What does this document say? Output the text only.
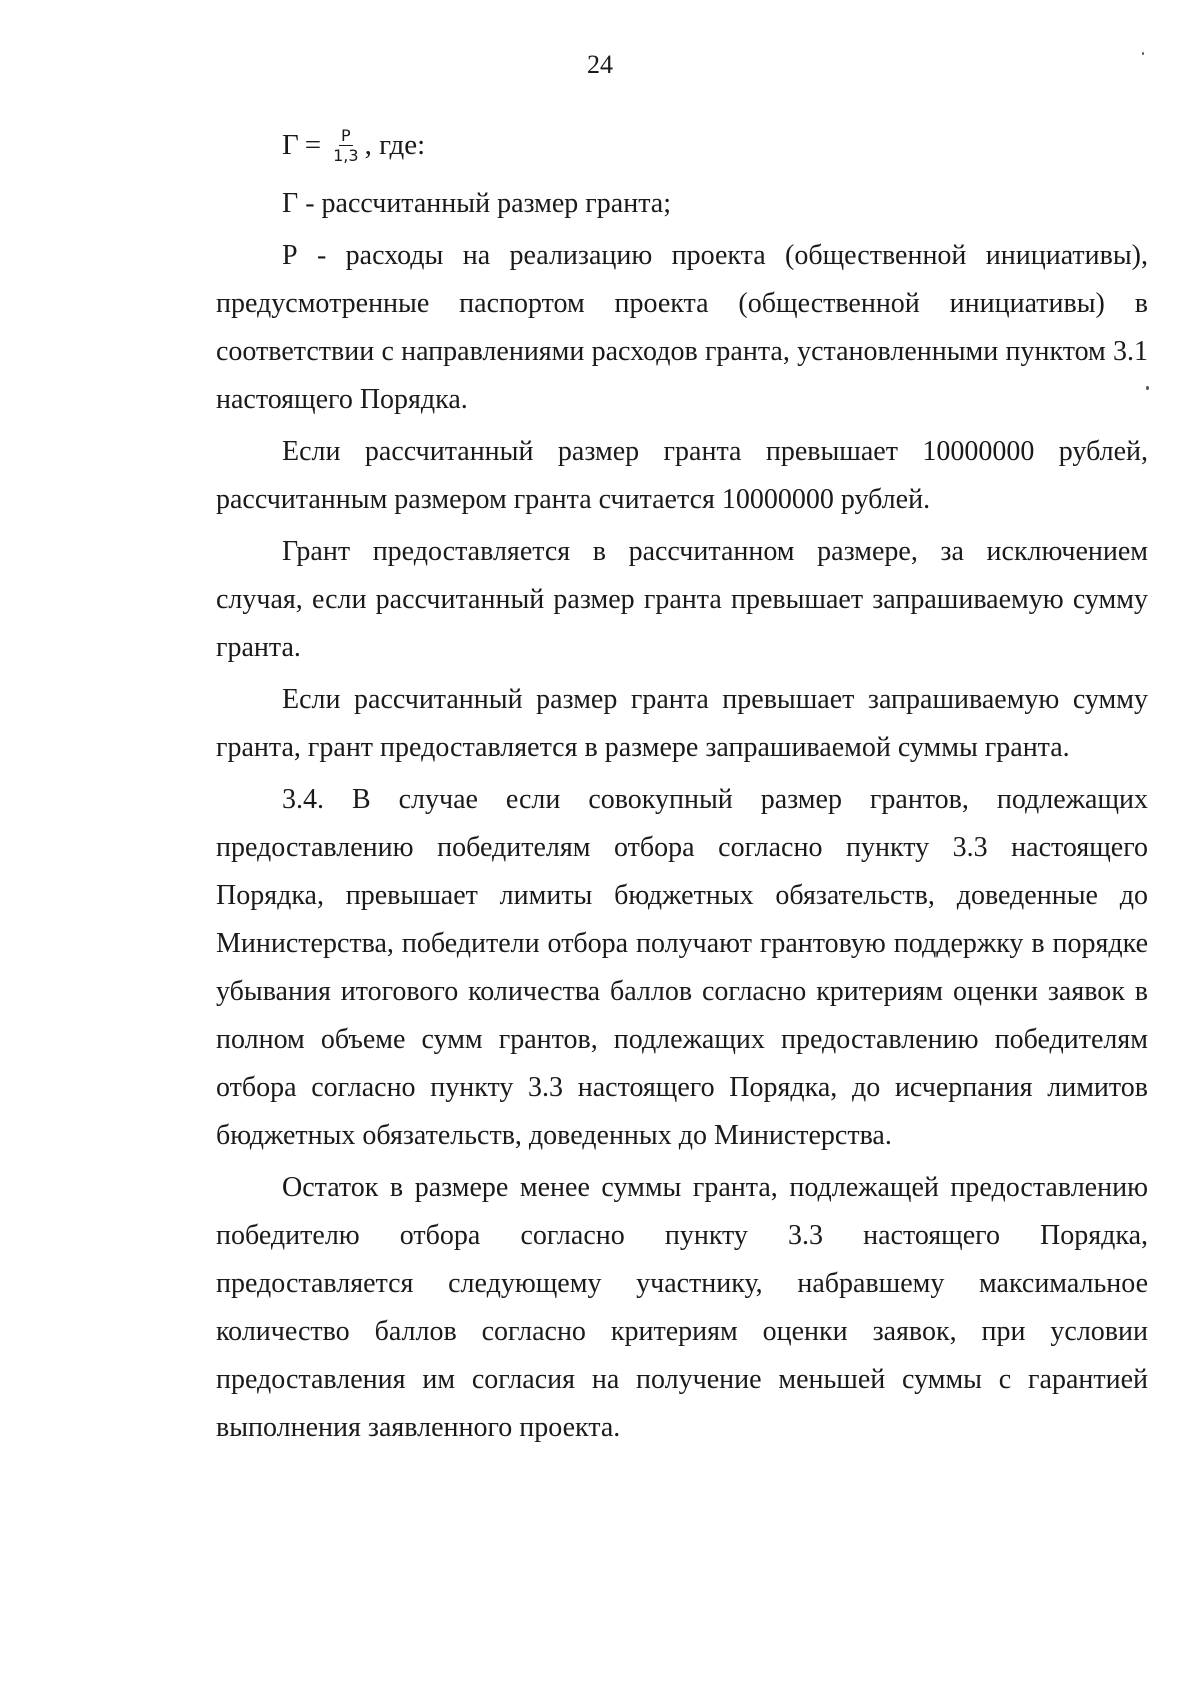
24
$Г = \frac{Р}{1,3}$ , где:

Г - рассчитанный размер гранта;

Р - расходы на реализацию проекта (общественной инициативы), предусмотренные паспортом проекта (общественной инициативы) в соответствии с направлениями расходов гранта, установленными пунктом 3.1 настоящего Порядка.

Если рассчитанный размер гранта превышает 10000000 рублей, рассчитанным размером гранта считается 10000000 рублей.

Грант предоставляется в рассчитанном размере, за исключением случая, если рассчитанный размер гранта превышает запрашиваемую сумму гранта.

Если рассчитанный размер гранта превышает запрашиваемую сумму гранта, грант предоставляется в размере запрашиваемой суммы гранта.

3.4. В случае если совокупный размер грантов, подлежащих предоставлению победителям отбора согласно пункту 3.3 настоящего Порядка, превышает лимиты бюджетных обязательств, доведенные до Министерства, победители отбора получают грантовую поддержку в порядке убывания итогового количества баллов согласно критериям оценки заявок в полном объеме сумм грантов, подлежащих предоставлению победителям отбора согласно пункту 3.3 настоящего Порядка, до исчерпания лимитов бюджетных обязательств, доведенных до Министерства.

Остаток в размере менее суммы гранта, подлежащей предоставлению победителю отбора согласно пункту 3.3 настоящего Порядка, предоставляется следующему участнику, набравшему максимальное количество баллов согласно критериям оценки заявок, при условии предоставления им согласия на получение меньшей суммы с гарантией выполнения заявленного проекта.
